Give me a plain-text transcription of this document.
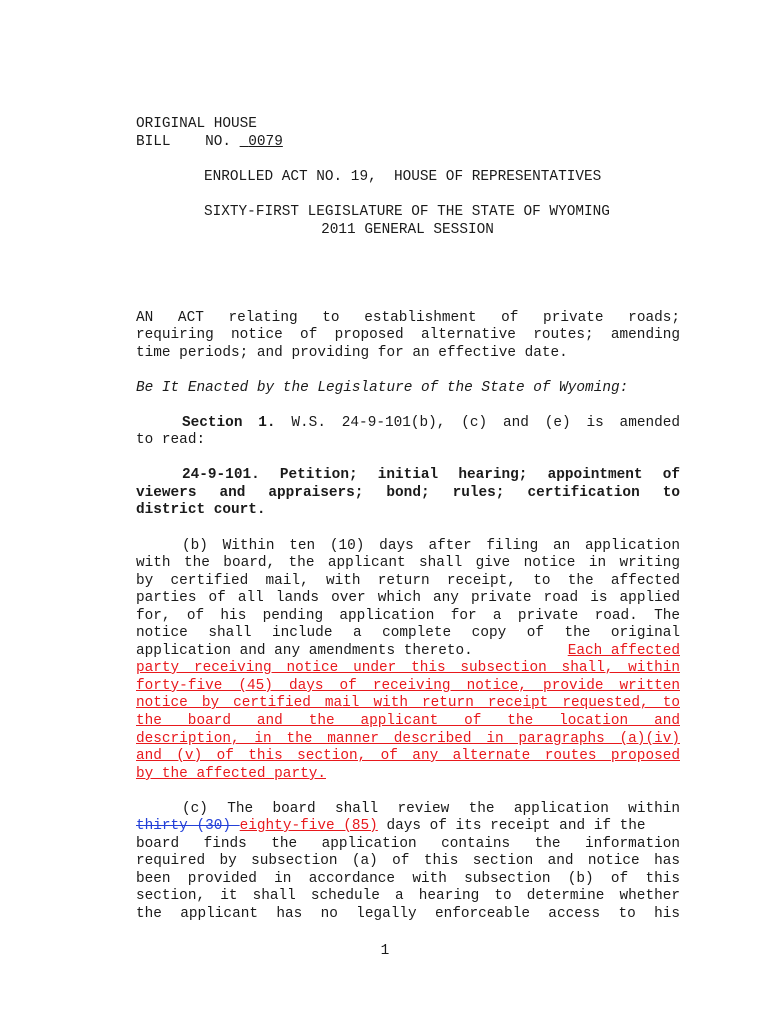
ORIGINAL HOUSE
BILL    NO. 0079
ENROLLED ACT NO. 19,  HOUSE OF REPRESENTATIVES
SIXTY-FIRST LEGISLATURE OF THE STATE OF WYOMING
2011 GENERAL SESSION
AN ACT relating to establishment of private roads;
requiring notice of proposed alternative routes; amending
time periods; and providing for an effective date.
Be It Enacted by the Legislature of the State of Wyoming:
Section 1. W.S. 24-9-101(b), (c) and (e) is amended
to read:
24-9-101. Petition; initial hearing; appointment of
viewers and appraisers; bond; rules; certification to
district court.
(b) Within ten (10) days after filing an application
with the board, the applicant shall give notice in writing
by certified mail, with return receipt, to the affected
parties of all lands over which any private road is applied
for, of his pending application for a private road. The
notice shall include a complete copy of the original
application and any amendments thereto.	Each affected
party receiving notice under this subsection shall, within
forty-five (45) days of receiving notice, provide written
notice by certified mail with return receipt requested, to
the board and the applicant of the location and
description, in the manner described in paragraphs (a)(iv)
and (v) of this section, of any alternate routes proposed
by the affected party.
(c) The board shall review the application within
thirty (30) eighty-five (85) days of its receipt and if the
board finds the application contains the information
required by subsection (a) of this section and notice has
been provided in accordance with subsection (b) of this
section, it shall schedule a hearing to determine whether
the applicant has no legally enforceable access to his
1
